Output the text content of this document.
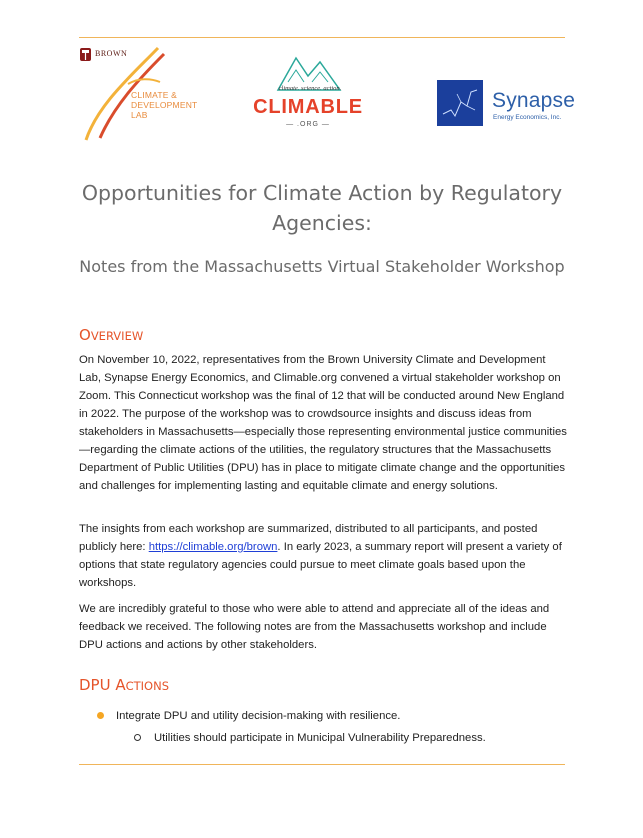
BROWN
CLIMATE &
DEVELOPMENT
LAB
climate. science. action.
CLIMABLE
— .ORG —
Synapse
Energy Economics, Inc.
Opportunities for Climate Action by Regulatory Agencies:
Notes from the Massachusetts Virtual Stakeholder Workshop
OVERVIEW

On November 10, 2022, representatives from the Brown University Climate and Development Lab, Synapse Energy Economics, and Climable.org convened a virtual stakeholder workshop on Zoom. This Connecticut workshop was the final of 12 that will be conducted around New England in 2022. The purpose of the workshop was to crowdsource insights and discuss ideas from stakeholders in Massachusetts—especially those representing environmental justice communities—regarding the climate actions of the utilities, the regulatory structures that the Massachusetts Department of Public Utilities (DPU) has in place to mitigate climate change and the opportunities and challenges for implementing lasting and equitable climate and energy solutions.

The insights from each workshop are summarized, distributed to all participants, and posted publicly here: https://climable.org/brown. In early 2023, a summary report will present a variety of options that state regulatory agencies could pursue to meet climate goals based upon the workshops.

We are incredibly grateful to those who were able to attend and appreciate all of the ideas and feedback we received. The following notes are from the Massachusetts workshop and include DPU actions and actions by other stakeholders.

DPU ACTIONS
Integrate DPU and utility decision-making with resilience.
Utilities should participate in Municipal Vulnerability Preparedness.
